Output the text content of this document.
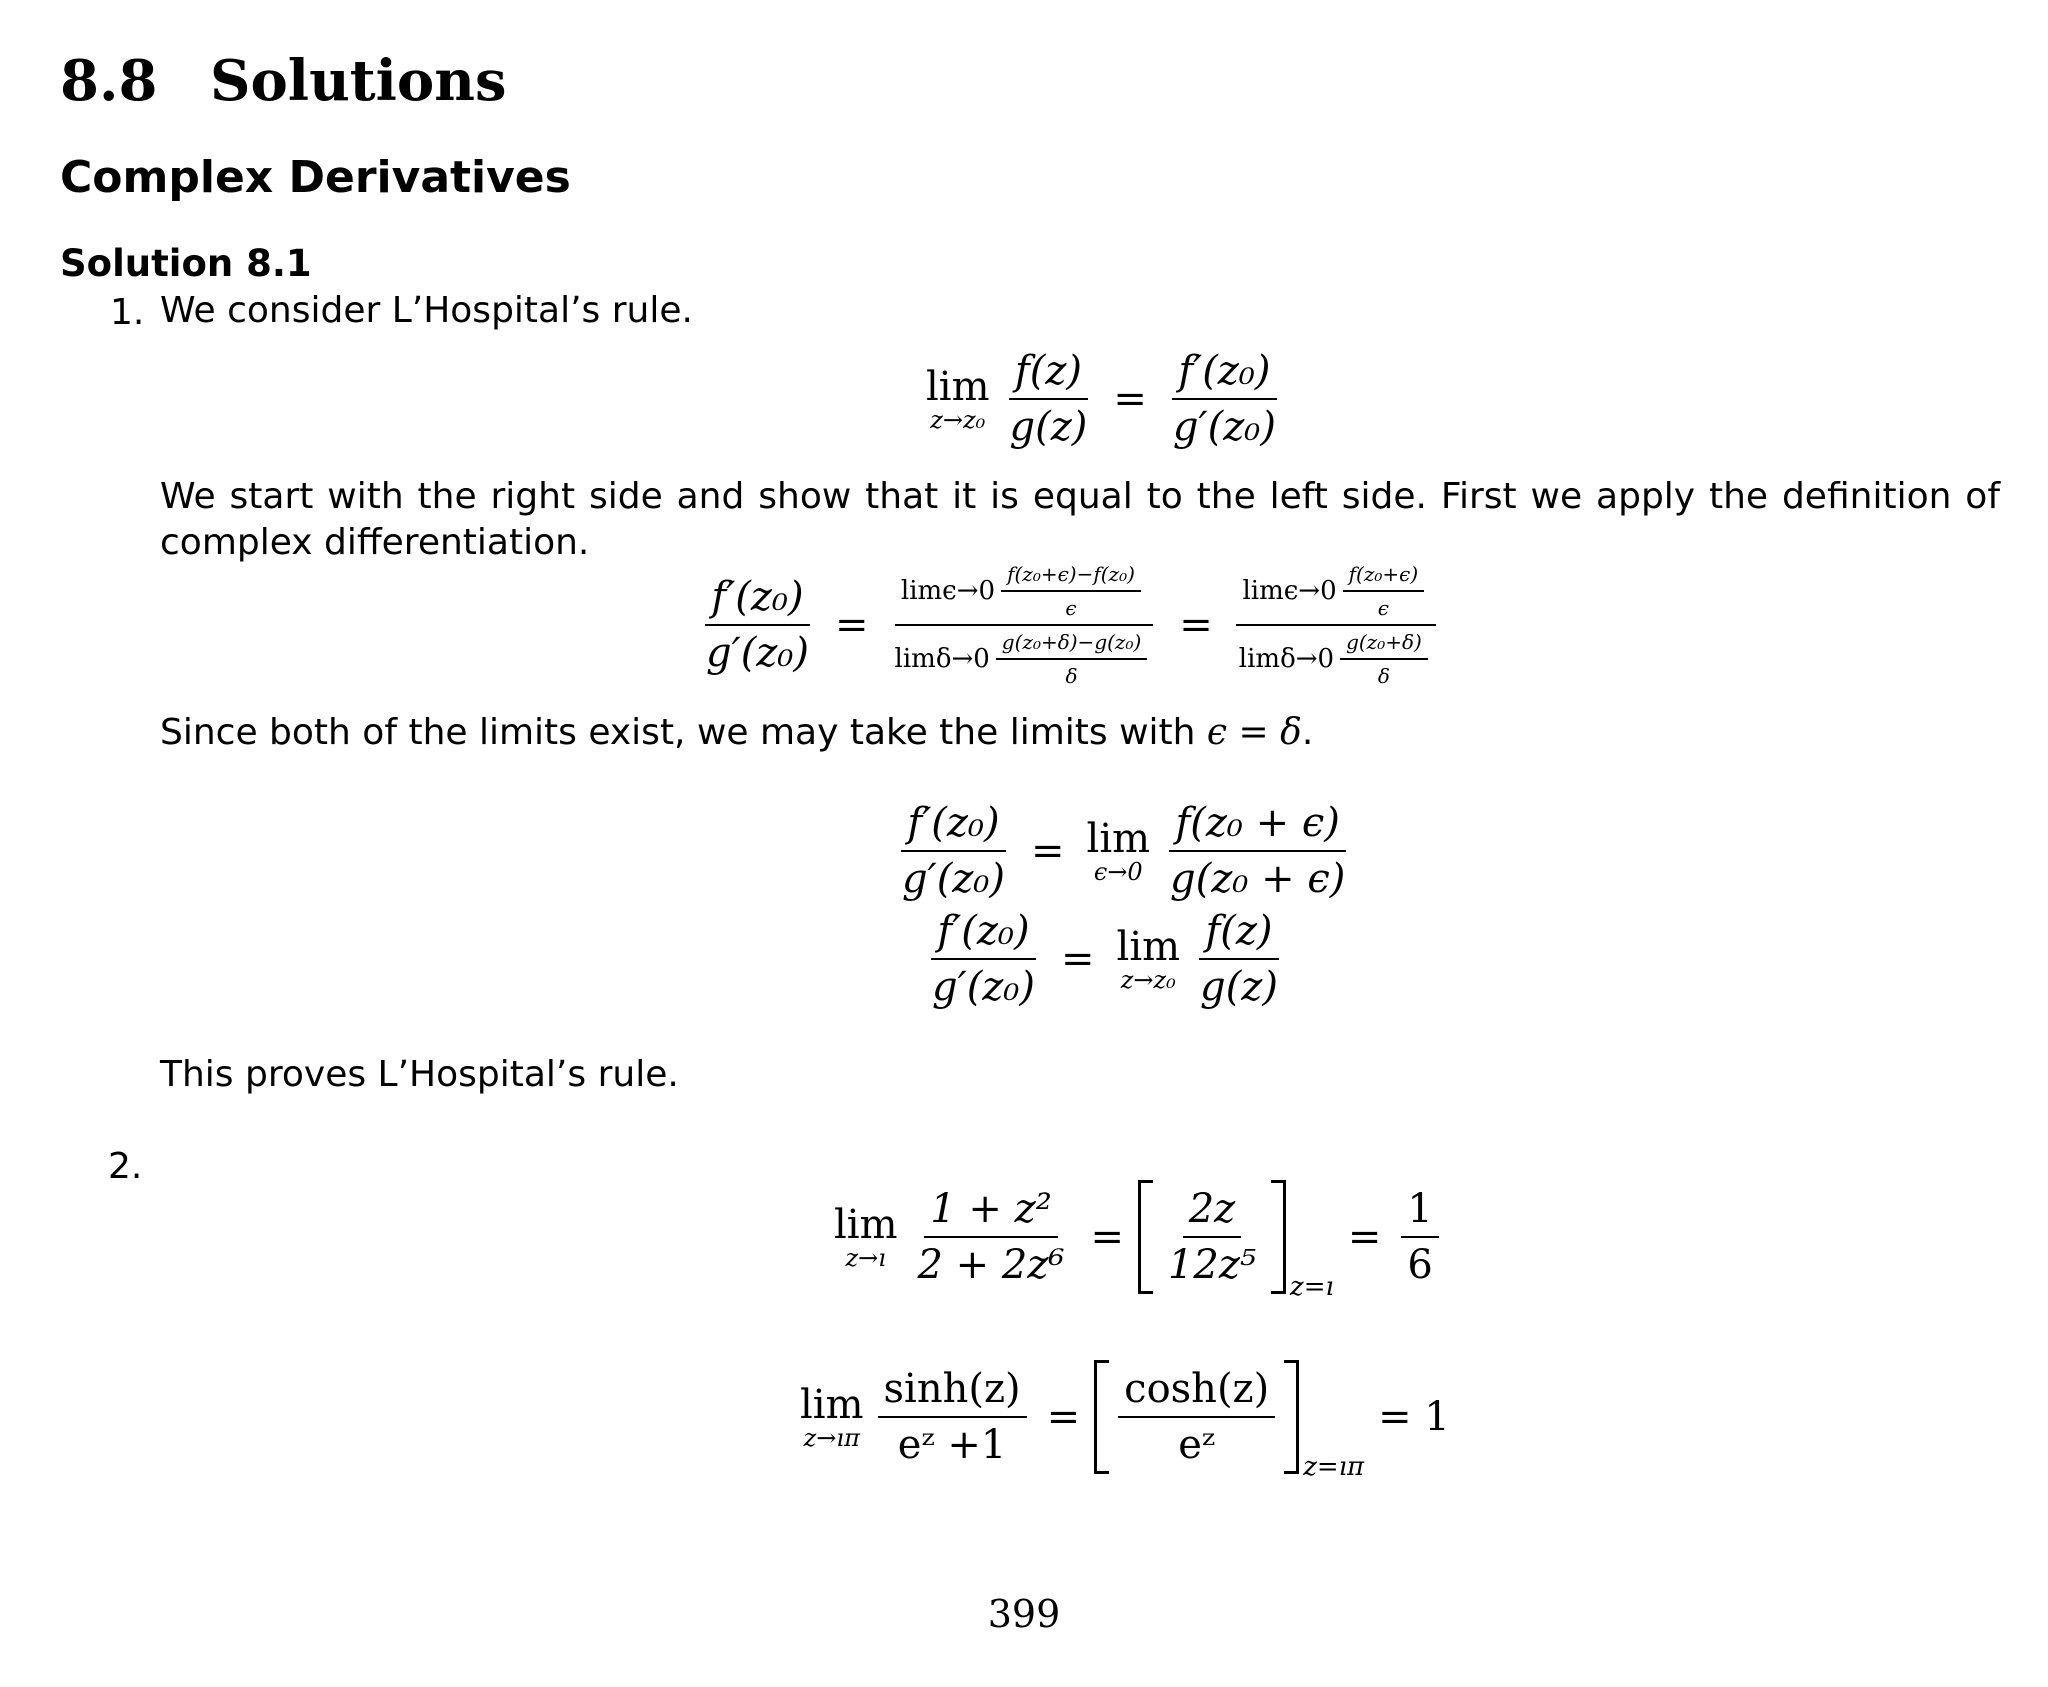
8.8 Solutions
Complex Derivatives
Solution 8.1
1. We consider L’Hospital’s rule.
lim
$z\to z_0 \frac{f(z)}{g(z)} = \frac{\text{f′(z₀)}}{\text{g′(z₀)}}$
We start with the right side and show that it is equal to the left side. First we apply the definition of complex differentiation.
$\frac{\text{f′(z₀)}}{\text{g′(z₀)}} = \frac{\lim\epsilon\to 0 \frac{\text{f(z₀+ϵ)−f(z₀)}}{\epsilon}}{\lim\delta\to 0 \frac{\text{g(z₀+δ)−g(z₀)}}{\delta}} = \frac{\lim\epsilon\to 0 \frac{\text{f(z₀+ϵ)}}{\epsilon}}{\lim\delta\to 0 \frac{\text{g(z₀+δ)}}{\delta}}$
Since both of the limits exist, we may take the limits with ϵ = δ.
$\frac{\text{f′(z₀)}}{\text{g′(z₀)}} = \lim$
$\epsilon\to 0 \frac{\text{f(z₀ + ϵ)}}{\text{g(z₀ + ϵ)}}$
$\frac{\text{f′(z₀)}}{\text{g′(z₀)}} = \lim$
$z\to z_0 \frac{f(z)}{g(z)}$
This proves L’Hospital’s rule.
2.
lim
z→ı $\frac{\text{1 + z²}}{\text{2 + 2z⁶}} = \frac{2z}{\text{12z⁵}}$ z=ı
= $\frac{1}{6}$
lim
z→ıπ $\frac{\sinh(z)}{\text{eᶻ +1}} = \frac{\cosh(z)}{\text{eᶻ}}$ z=ıπ
= 1
399
